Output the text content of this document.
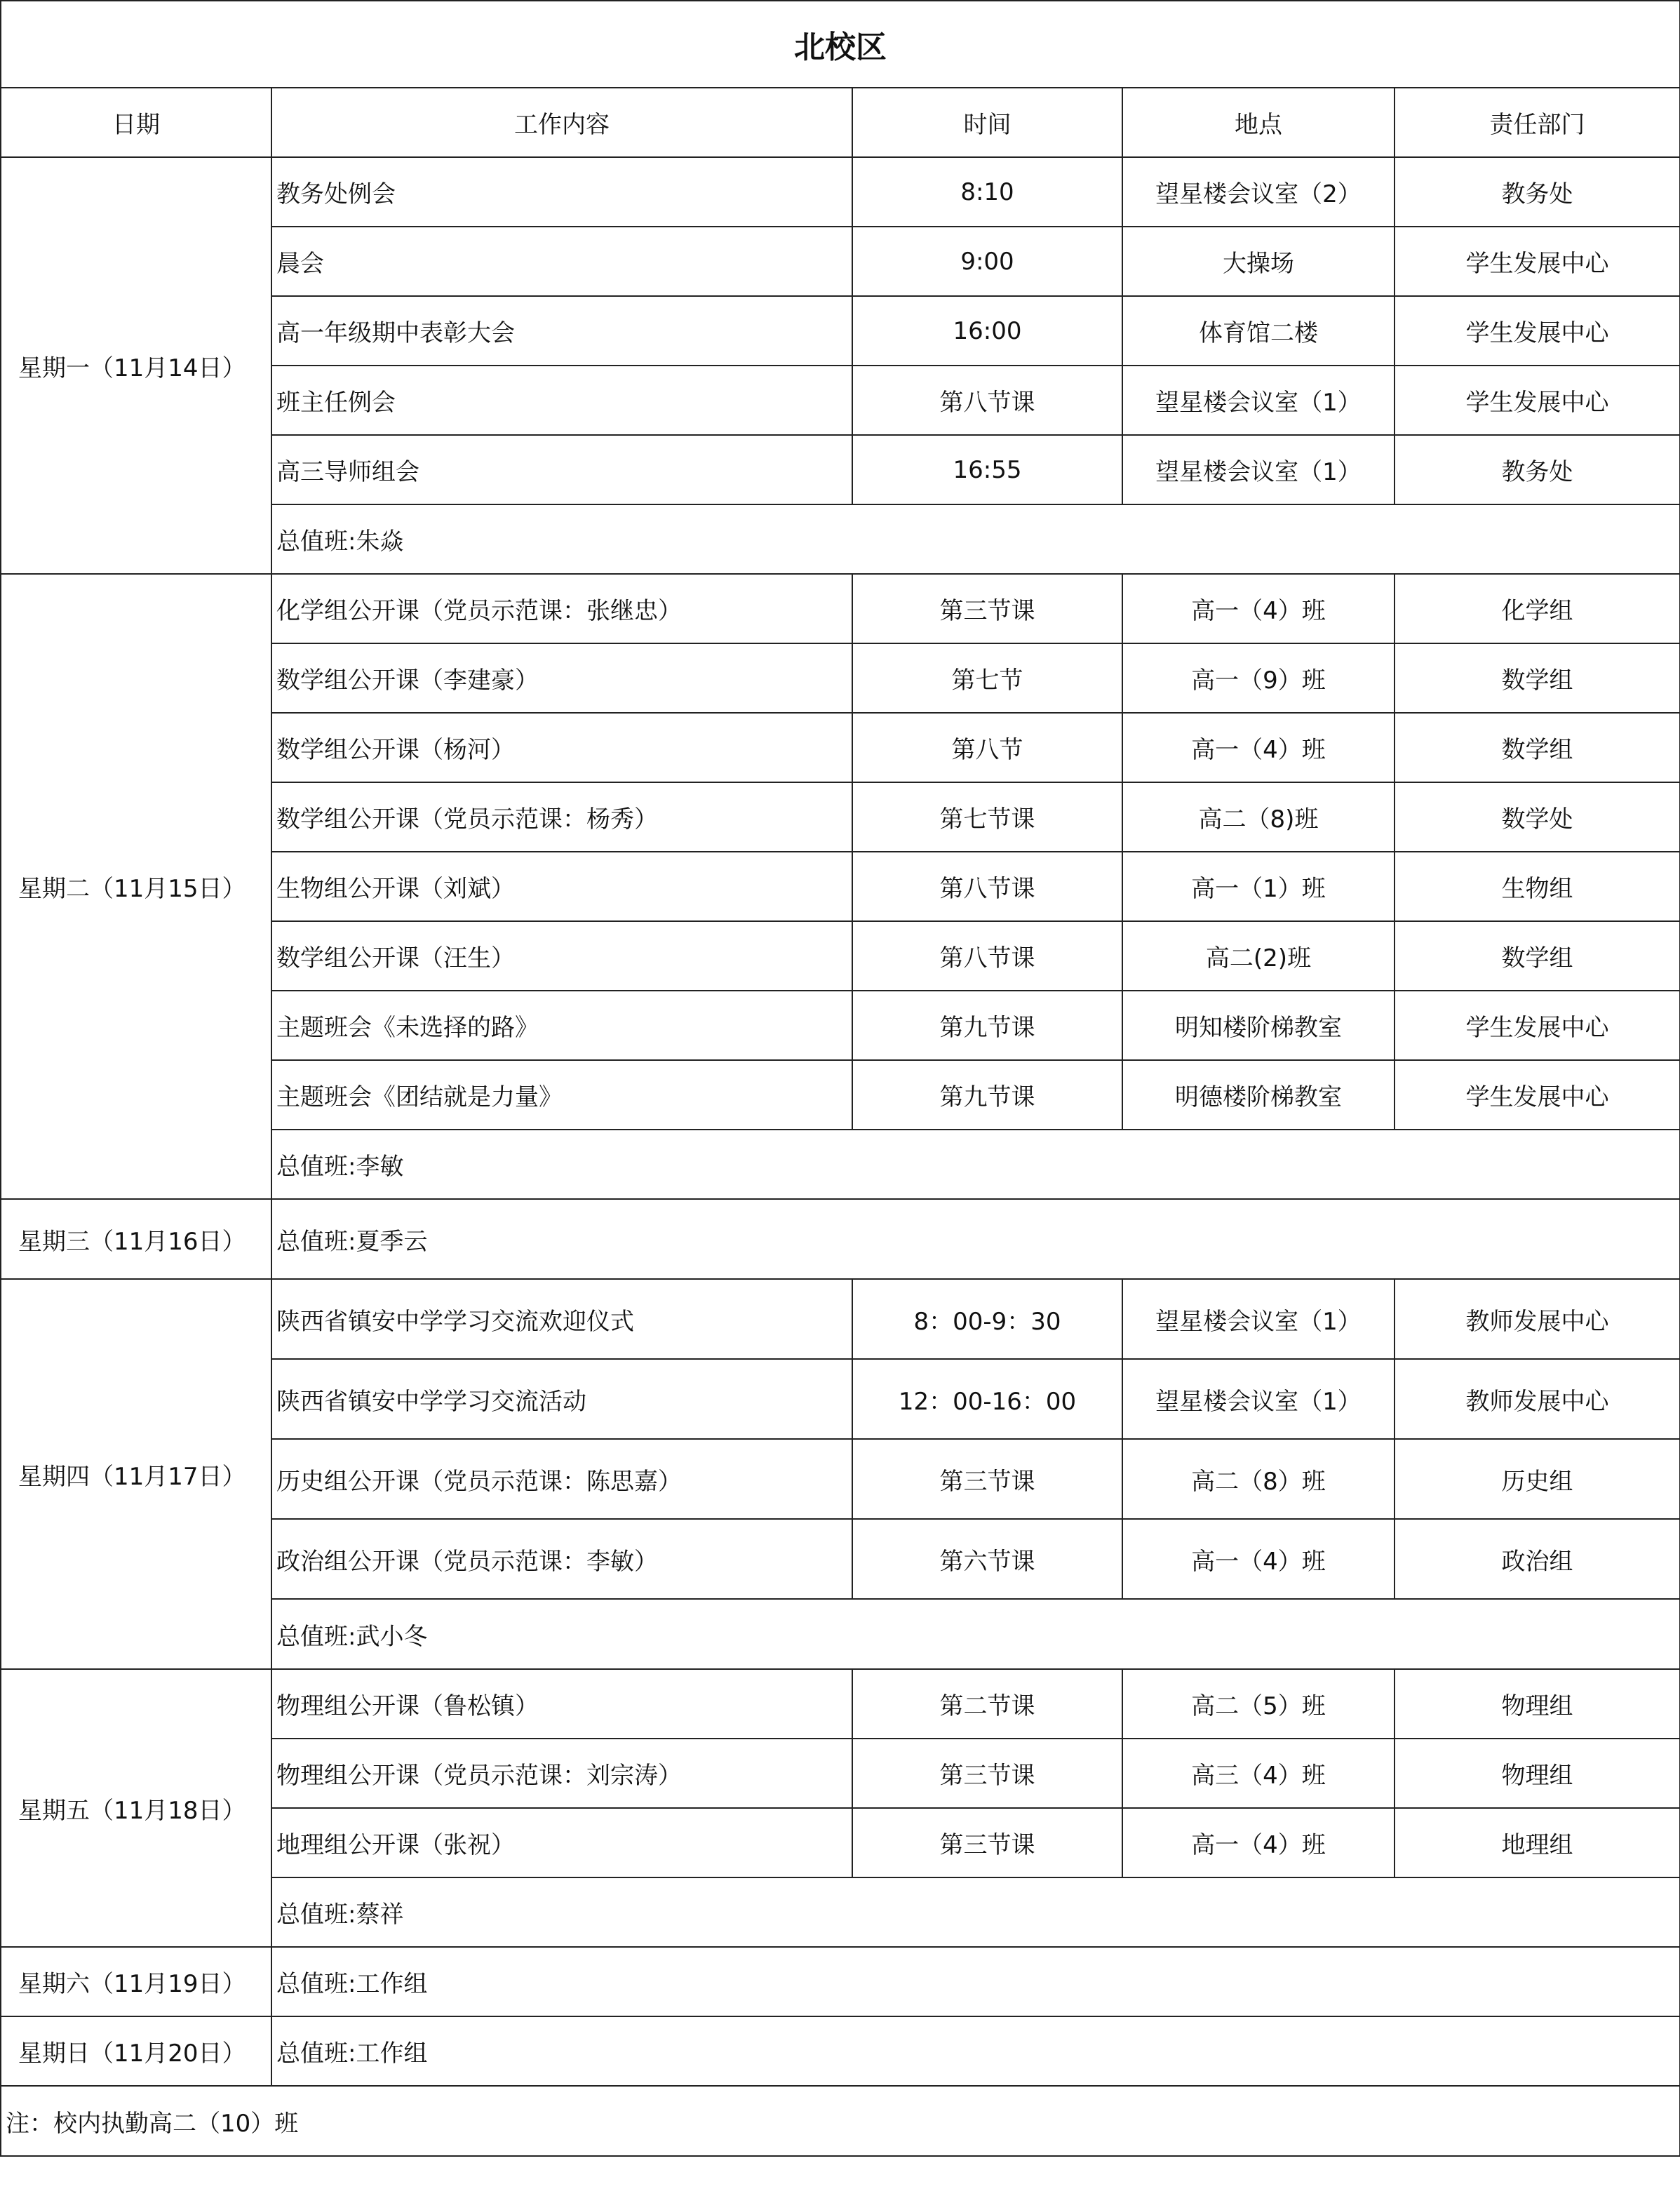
北校区				
日期	工作内容	时间	地点	责任部门
星期一（11月14日）	教务处例会	8:10	望星楼会议室（2）	教务处
	晨会	9:00	大操场	学生发展中心
	高一年级期中表彰大会	16:00	体育馆二楼	学生发展中心
	班主任例会	第八节课	望星楼会议室（1）	学生发展中心
	高三导师组会	16:55	望星楼会议室（1）	教务处
	总值班:朱焱			
星期二（11月15日）	化学组公开课（党员示范课：张继忠）	第三节课	高一（4）班	化学组
	数学组公开课（李建豪）	第七节	高一（9）班	数学组
	数学组公开课（杨河）	第八节	高一（4）班	数学组
	数学组公开课（党员示范课：杨秀）	第七节课	高二（8)班	数学处
	生物组公开课（刘斌）	第八节课	高一（1）班	生物组
	数学组公开课（汪生）	第八节课	高二(2)班	数学组
	主题班会《未选择的路》	第九节课	明知楼阶梯教室	学生发展中心
	主题班会《团结就是力量》	第九节课	明德楼阶梯教室	学生发展中心
	总值班:李敏			
星期三（11月16日）	总值班:夏季云			
星期四（11月17日）	陕西省镇安中学学习交流欢迎仪式	8：00-9：30	望星楼会议室（1）	教师发展中心
	陕西省镇安中学学习交流活动	12：00-16：00	望星楼会议室（1）	教师发展中心
	历史组公开课（党员示范课：陈思嘉）	第三节课	高二（8）班	历史组
	政治组公开课（党员示范课：李敏）	第六节课	高一（4）班	政治组
	总值班:武小冬			
星期五（11月18日）	物理组公开课（鲁松镇）	第二节课	高二（5）班	物理组
	物理组公开课（党员示范课：刘宗涛）	第三节课	高三（4）班	物理组
	地理组公开课（张祝）	第三节课	高一（4）班	地理组
	总值班:蔡祥			
星期六（11月19日）	总值班:工作组			
星期日（11月20日）	总值班:工作组			
注：校内执勤高二（10）班				
